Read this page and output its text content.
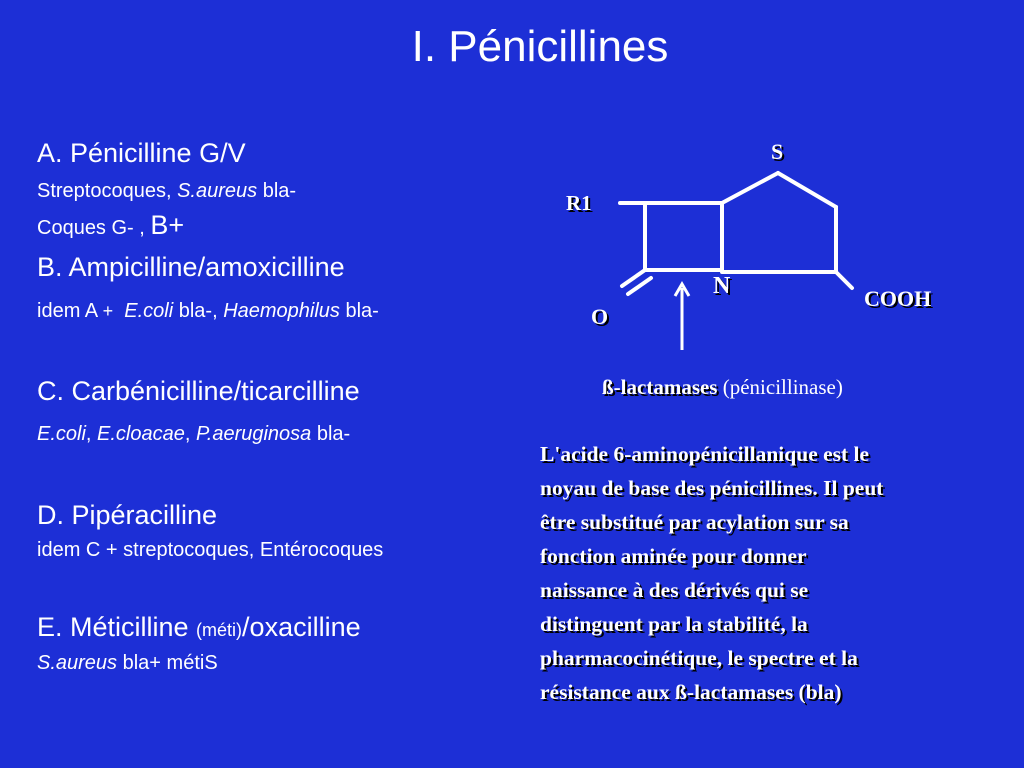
I. Pénicillines
A. Pénicilline G/V
Streptocoques, S.aureus bla-
Coques G- , B+
B. Ampicilline/amoxicilline
idem A + E.coli bla-, Haemophilus bla-
C. Carbénicilline/ticarcilline
E.coli, E.cloacae, P.aeruginosa bla-
D. Pipéracilline
idem C + streptocoques, Entérocoques
E. Méticilline (méti)/oxacilline
S.aureus bla+ métiS
S
R1
N
O
COOH
ß-lactamases (pénicillinase)
L'acide 6-aminopénicillanique est le
noyau de base des pénicillines. Il peut
être substitué par acylation sur sa
fonction aminée pour donner
naissance à des dérivés qui se
distinguent par la stabilité, la
pharmacocinétique, le spectre et la
résistance aux ß-lactamases (bla)
